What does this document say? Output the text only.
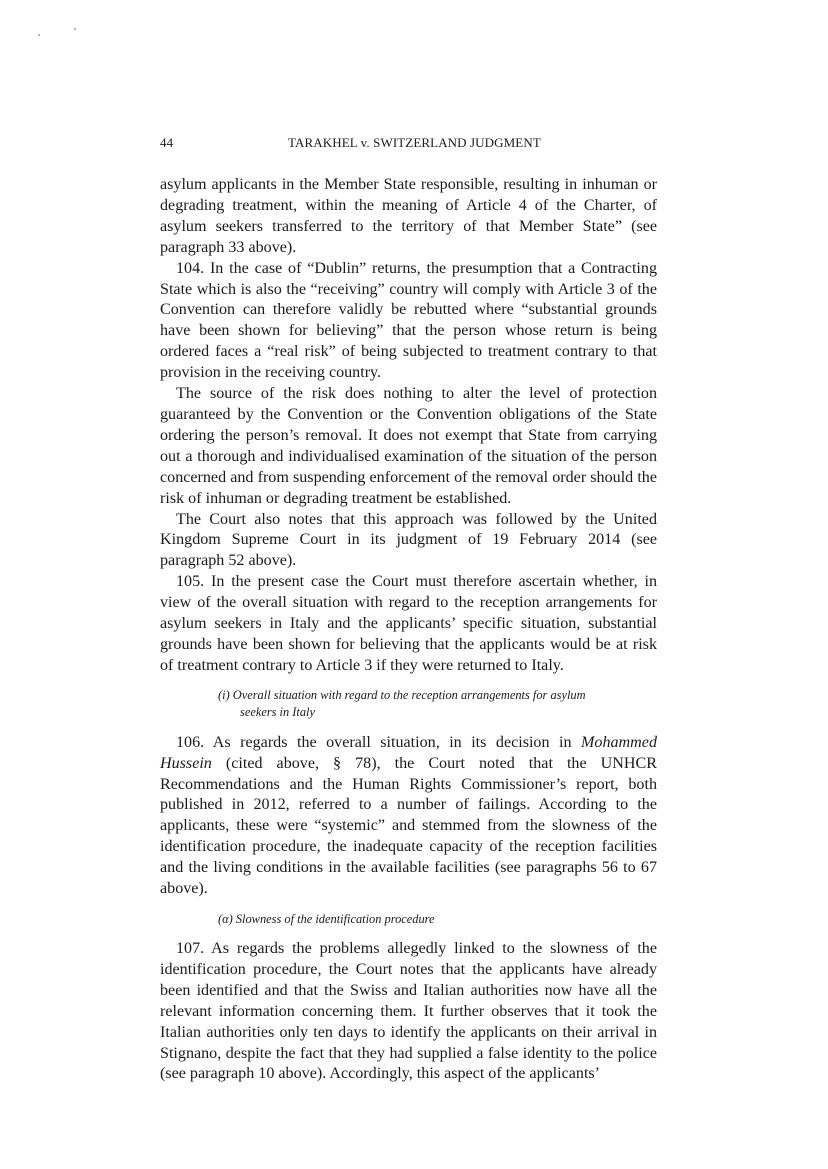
44	TARAKHEL v. SWITZERLAND JUDGMENT

asylum applicants in the Member State responsible, resulting in inhuman or degrading treatment, within the meaning of Article 4 of the Charter, of asylum seekers transferred to the territory of that Member State” (see paragraph 33 above).

104. In the case of “Dublin” returns, the presumption that a Contracting State which is also the “receiving” country will comply with Article 3 of the Convention can therefore validly be rebutted where “substantial grounds have been shown for believing” that the person whose return is being ordered faces a “real risk” of being subjected to treatment contrary to that provision in the receiving country.

The source of the risk does nothing to alter the level of protection guaranteed by the Convention or the Convention obligations of the State ordering the person’s removal. It does not exempt that State from carrying out a thorough and individualised examination of the situation of the person concerned and from suspending enforcement of the removal order should the risk of inhuman or degrading treatment be established.

The Court also notes that this approach was followed by the United Kingdom Supreme Court in its judgment of 19 February 2014 (see paragraph 52 above).

105. In the present case the Court must therefore ascertain whether, in view of the overall situation with regard to the reception arrangements for asylum seekers in Italy and the applicants’ specific situation, substantial grounds have been shown for believing that the applicants would be at risk of treatment contrary to Article 3 if they were returned to Italy.

(i) Overall situation with regard to the reception arrangements for asylum
seekers in Italy

106. As regards the overall situation, in its decision in Mohammed Hussein (cited above, § 78), the Court noted that the UNHCR Recommendations and the Human Rights Commissioner’s report, both published in 2012, referred to a number of failings. According to the applicants, these were “systemic” and stemmed from the slowness of the identification procedure, the inadequate capacity of the reception facilities and the living conditions in the available facilities (see paragraphs 56 to 67 above).

(α) Slowness of the identification procedure

107. As regards the problems allegedly linked to the slowness of the identification procedure, the Court notes that the applicants have already been identified and that the Swiss and Italian authorities now have all the relevant information concerning them. It further observes that it took the Italian authorities only ten days to identify the applicants on their arrival in Stignano, despite the fact that they had supplied a false identity to the police (see paragraph 10 above). Accordingly, this aspect of the applicants’
